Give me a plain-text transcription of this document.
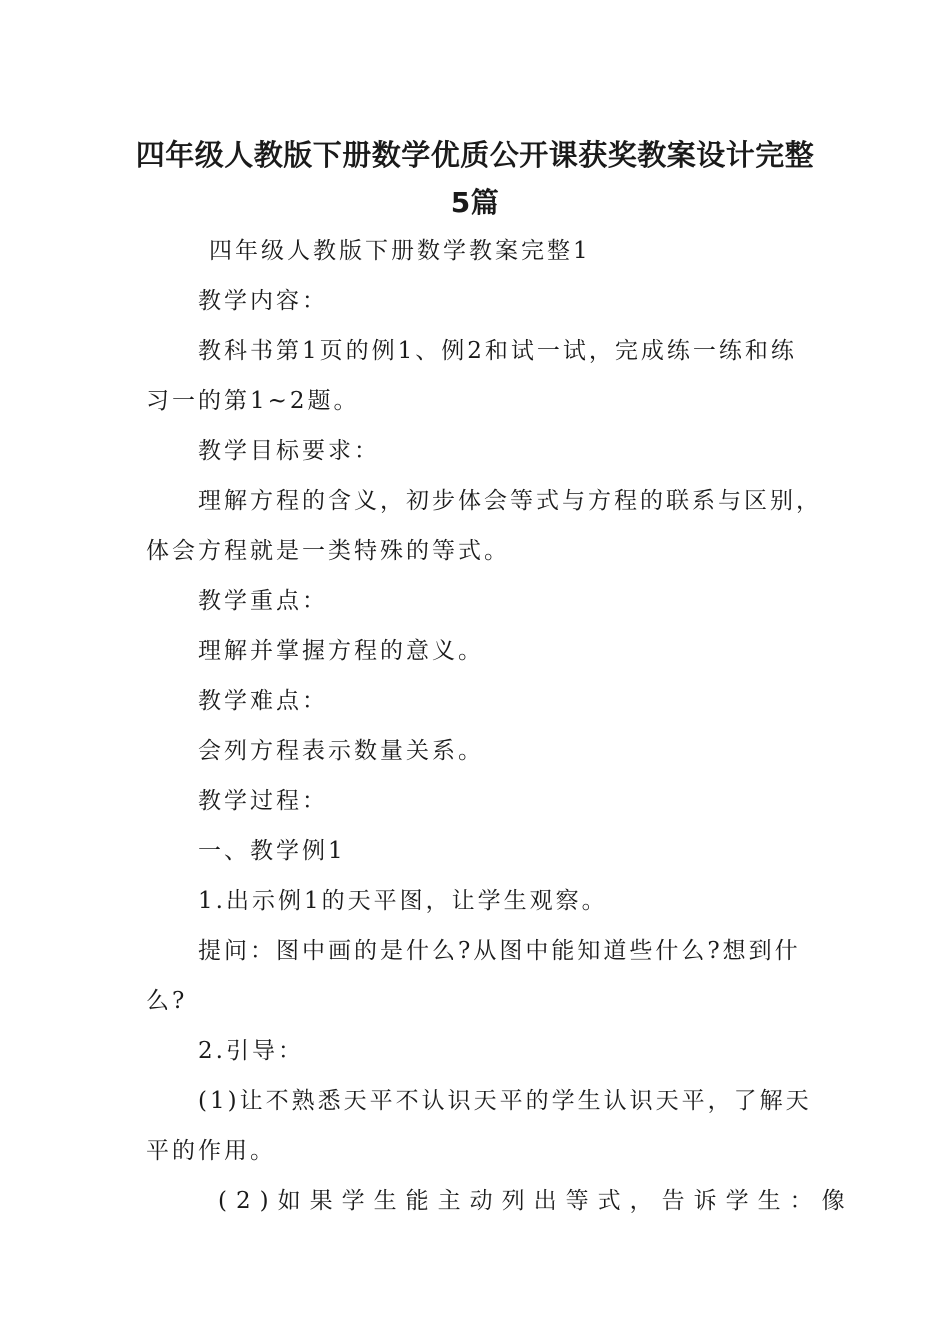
四年级人教版下册数学优质公开课获奖教案设计完整
5篇
四年级人教版下册数学教案完整1
教学内容：
教科书第1页的例1、例2和试一试，完成练一练和练
习一的第1~2题。
教学目标要求：
理解方程的含义，初步体会等式与方程的联系与区别，
体会方程就是一类特殊的等式。
教学重点：
理解并掌握方程的意义。
教学难点：
会列方程表示数量关系。
教学过程：
一、教学例1
1.出示例1的天平图，让学生观察。
提问：图中画的是什么?从图中能知道些什么?想到什
么?
2.引导：
(1)让不熟悉天平不认识天平的学生认识天平，了解天
平的作用。
(2)如果学生能主动列出等式，告诉学生：像
